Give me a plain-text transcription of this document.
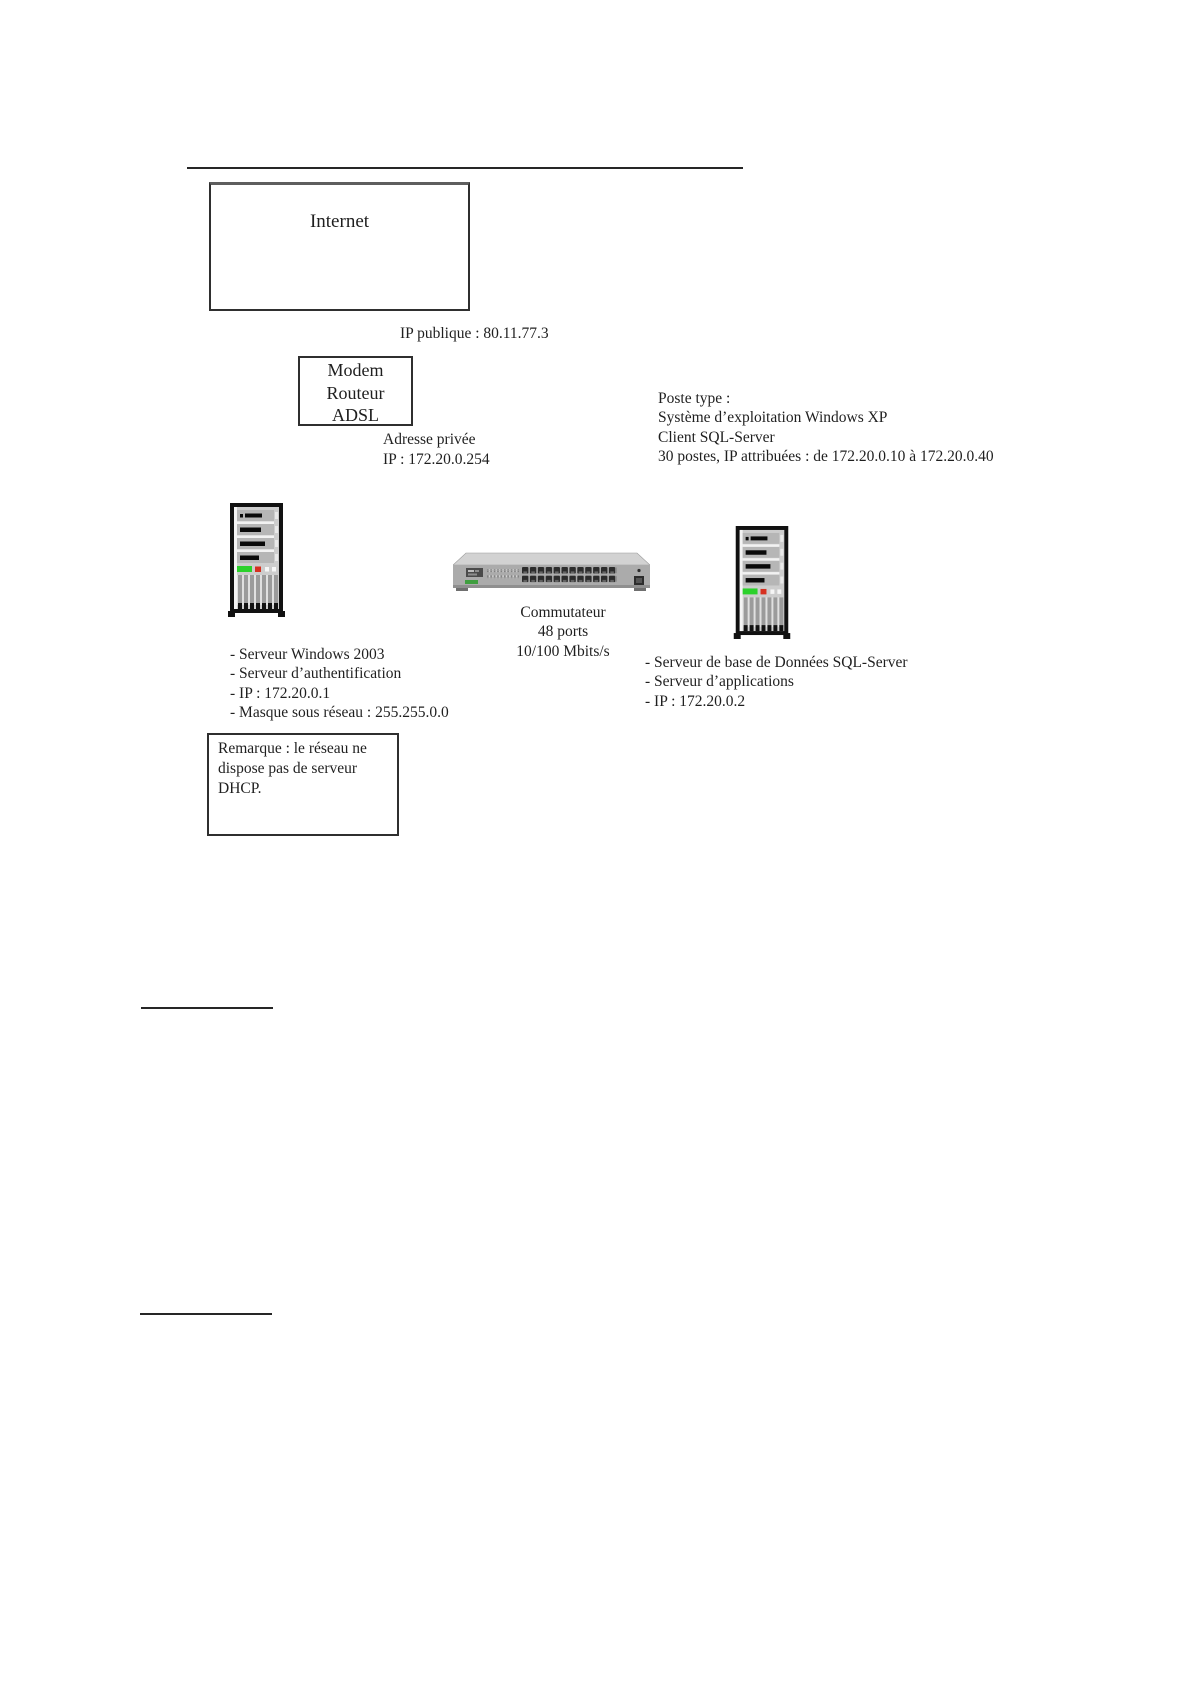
Internet
IP publique : 80.11.77.3
Modem
Routeur
ADSL
Adresse privée
IP : 172.20.0.254
Poste type :
Système d’exploitation Windows XP
Client SQL-Server
30 postes, IP attribuées : de 172.20.0.10 à 172.20.0.40
Commutateur
48 ports
10/100 Mbits/s
- Serveur Windows 2003
- Serveur d’authentification
- IP : 172.20.0.1
- Masque sous réseau : 255.255.0.0
- Serveur de base de Données SQL-Server
- Serveur d’applications
- IP : 172.20.0.2
Remarque : le réseau ne
dispose pas de serveur
DHCP.
